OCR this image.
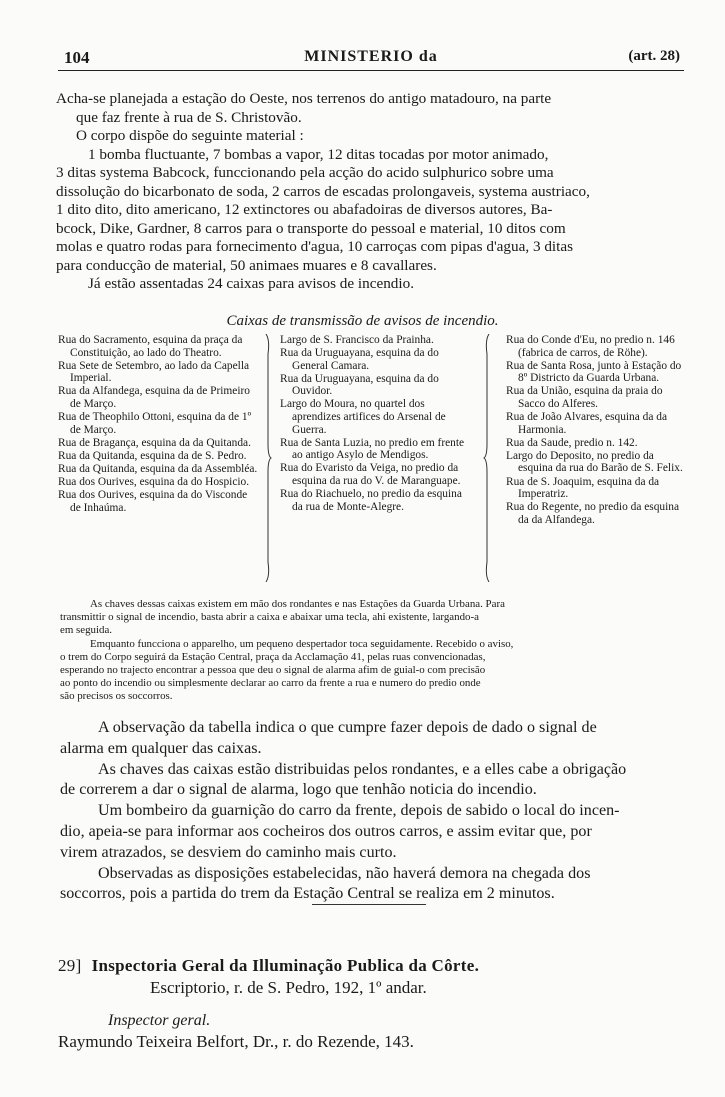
104	MINISTERIO da	(art. 28)
Acha-se planejada a estação do Oeste, nos terrenos do antigo matadouro, na parte
que faz frente à rua de S. Christovão.
O corpo dispõe do seguinte material :
1 bomba fluctuante, 7 bombas a vapor, 12 ditas tocadas por motor animado,
3 ditas systema Babcock, funccionando pela acção do acido sulphurico sobre uma
dissolução do bicarbonato de soda, 2 carros de escadas prolongaveis, systema austriaco,
1 dito dito, dito americano, 12 extinctores ou abafadoiras de diversos autores, Ba-
bcock, Dike, Gardner, 8 carros para o transporte do pessoal e material, 10 ditos com
molas e quatro rodas para fornecimento d'agua, 10 carroças com pipas d'agua, 3 ditas
para conducção de material, 50 animaes muares e 8 cavallares.
Já estão assentadas 24 caixas para avisos de incendio.
Caixas de transmissão de avisos de incendio.
Rua do Sacramento, esquina da praça da Constituição, ao lado do Theatro.
Rua Sete de Setembro, ao lado da Capella Imperial.
Rua da Alfandega, esquina da de Primeiro de Março.
Rua de Theophilo Ottoni, esquina da de 1º de Março.
Rua de Bragança, esquina da da Quitanda.
Rua da Quitanda, esquina da de S. Pedro.
Rua da Quitanda, esquina da da Assembléa.
Rua dos Ourives, esquina da do Hospicio.
Rua dos Ourives, esquina da do Visconde de Inhaúma.
Largo de S. Francisco da Prainha.
Rua da Uruguayana, esquina da do General Camara.
Rua da Uruguayana, esquina da do Ouvidor.
Largo do Moura, no quartel dos aprendizes artifices do Arsenal de Guerra.
Rua de Santa Luzia, no predio em frente ao antigo Asylo de Mendigos.
Rua do Evaristo da Veiga, no predio da esquina da rua do V. de Maranguape.
Rua do Riachuelo, no predio da esquina da rua de Monte-Alegre.
Rua do Conde d'Eu, no predio n. 146 (fabrica de carros, de Röhe).
Rua de Santa Rosa, junto à Estação do 8º Districto da Guarda Urbana.
Rua da União, esquina da praia do Sacco do Alferes.
Rua de João Alvares, esquina da da Harmonia.
Rua da Saude, predio n. 142.
Largo do Deposito, no predio da esquina da rua do Barão de S. Felix.
Rua de S. Joaquim, esquina da da Imperatriz.
Rua do Regente, no predio da esquina da da Alfandega.
As chaves dessas caixas existem em mão dos rondantes e nas Estações da Guarda Urbana. Para
transmittir o signal de incendio, basta abrir a caixa e abaixar uma tecla, ahi existente, largando-a
em seguida.
Emquanto funcciona o apparelho, um pequeno despertador toca seguidamente. Recebido o aviso,
o trem do Corpo seguirá da Estação Central, praça da Acclamação 41, pelas ruas convencionadas,
esperando no trajecto encontrar a pessoa que deu o signal de alarma afim de guial-o com precisão
ao ponto do incendio ou simplesmente declarar ao carro da frente a rua e numero do predio onde
são precisos os soccorros.
A observação da tabella indica o que cumpre fazer depois de dado o signal de
alarma em qualquer das caixas.
As chaves das caixas estão distribuidas pelos rondantes, e a elles cabe a obrigação
de correrem a dar o signal de alarma, logo que tenhão noticia do incendio.
Um bombeiro da guarnição do carro da frente, depois de sabido o local do incen-
dio, apeia-se para informar aos cocheiros dos outros carros, e assim evitar que, por
virem atrazados, se desviem do caminho mais curto.
Observadas as disposições estabelecidas, não haverá demora na chegada dos
soccorros, pois a partida do trem da Estação Central se realiza em 2 minutos.
29] Inspectoria Geral da Illuminação Publica da Côrte.
Escriptorio, r. de S. Pedro, 192, 1º andar.
Inspector geral.
Raymundo Teixeira Belfort, Dr., r. do Rezende, 143.
